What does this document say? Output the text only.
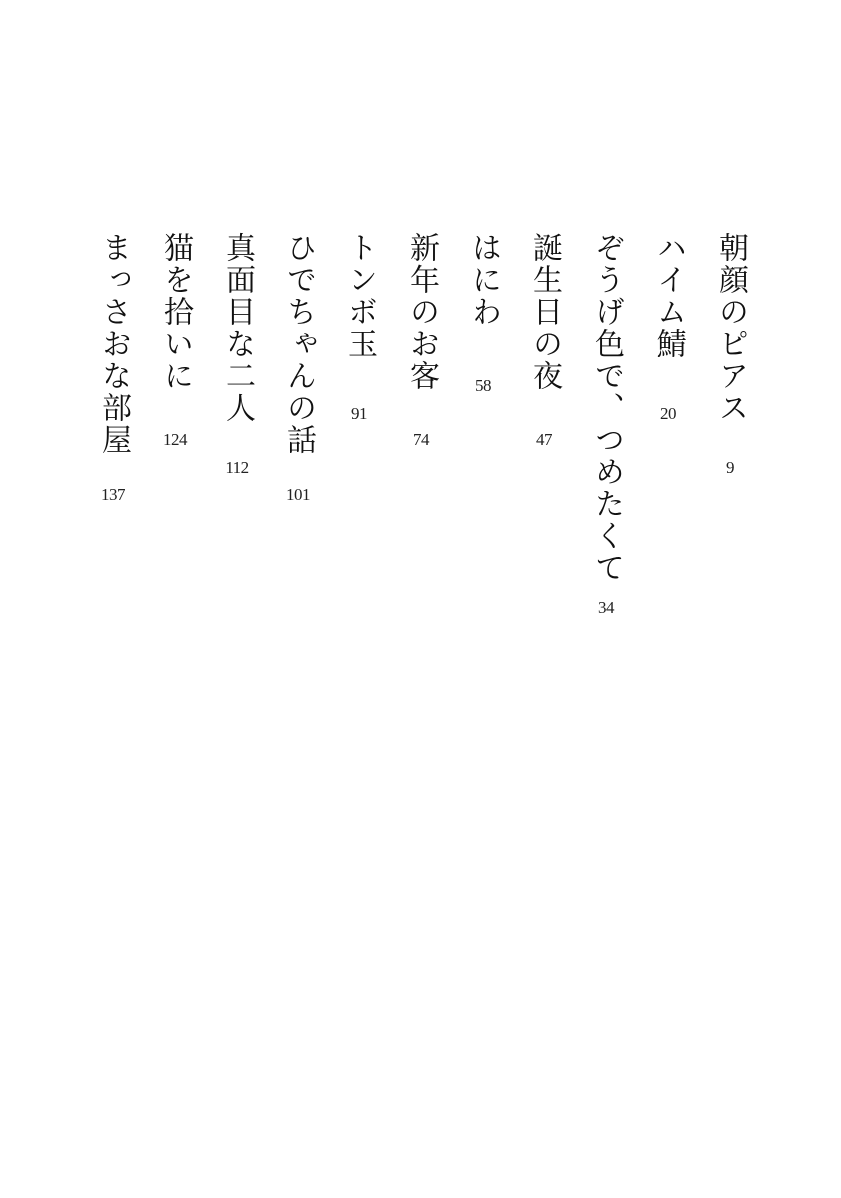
朝顔のピアス
9
ハイム鯖
20
ぞうげ色で、つめたくて
34
誕生日の夜
47
はにわ
58
新年のお客
74
トンボ玉
91
ひでちゃんの話
101
真面目な二人
112
猫を拾いに
124
まっさおな部屋
137
